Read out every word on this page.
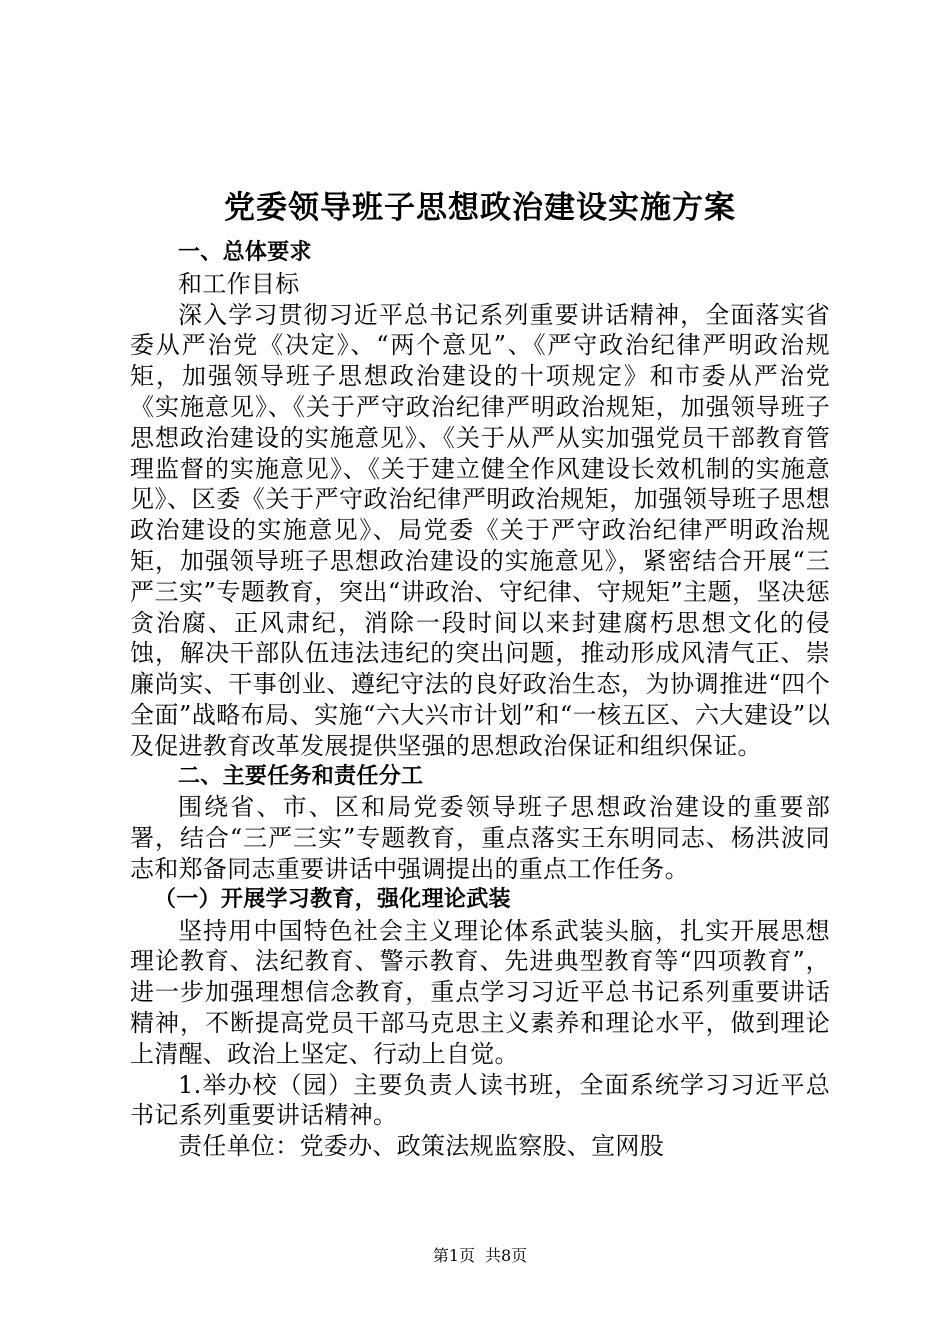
党委领导班子思想政治建设实施方案

一、总体要求

和工作目标

深入学习贯彻习近平总书记系列重要讲话精神，全面落实省委从严治党《决定》、“两个意见”、《严守政治纪律严明政治规矩，加强领导班子思想政治建设的十项规定》和市委从严治党《实施意见》、《关于严守政治纪律严明政治规矩，加强领导班子思想政治建设的实施意见》、《关于从严从实加强党员干部教育管理监督的实施意见》、《关于建立健全作风建设长效机制的实施意见》、区委《关于严守政治纪律严明政治规矩，加强领导班子思想政治建设的实施意见》、局党委《关于严守政治纪律严明政治规矩，加强领导班子思想政治建设的实施意见》，紧密结合开展“三严三实”专题教育，突出“讲政治、守纪律、守规矩”主题，坚决惩贪治腐、正风肃纪，消除一段时间以来封建腐朽思想文化的侵蚀，解决干部队伍违法违纪的突出问题，推动形成风清气正、崇廉尚实、干事创业、遵纪守法的良好政治生态，为协调推进“四个全面”战略布局、实施“六大兴市计划”和“一核五区、六大建设”以及促进教育改革发展提供坚强的思想政治保证和组织保证。

二、主要任务和责任分工

围绕省、市、区和局党委领导班子思想政治建设的重要部署，结合“三严三实”专题教育，重点落实王东明同志、杨洪波同志和郑备同志重要讲话中强调提出的重点工作任务。

（一）开展学习教育，强化理论武装

坚持用中国特色社会主义理论体系武装头脑，扎实开展思想理论教育、法纪教育、警示教育、先进典型教育等“四项教育”，进一步加强理想信念教育，重点学习习近平总书记系列重要讲话精神，不断提高党员干部马克思主义素养和理论水平，做到理论上清醒、政治上坚定、行动上自觉。

1.举办校（园）主要负责人读书班，全面系统学习习近平总书记系列重要讲话精神。

责任单位：党委办、政策法规监察股、宣网股

第1页 共8页
